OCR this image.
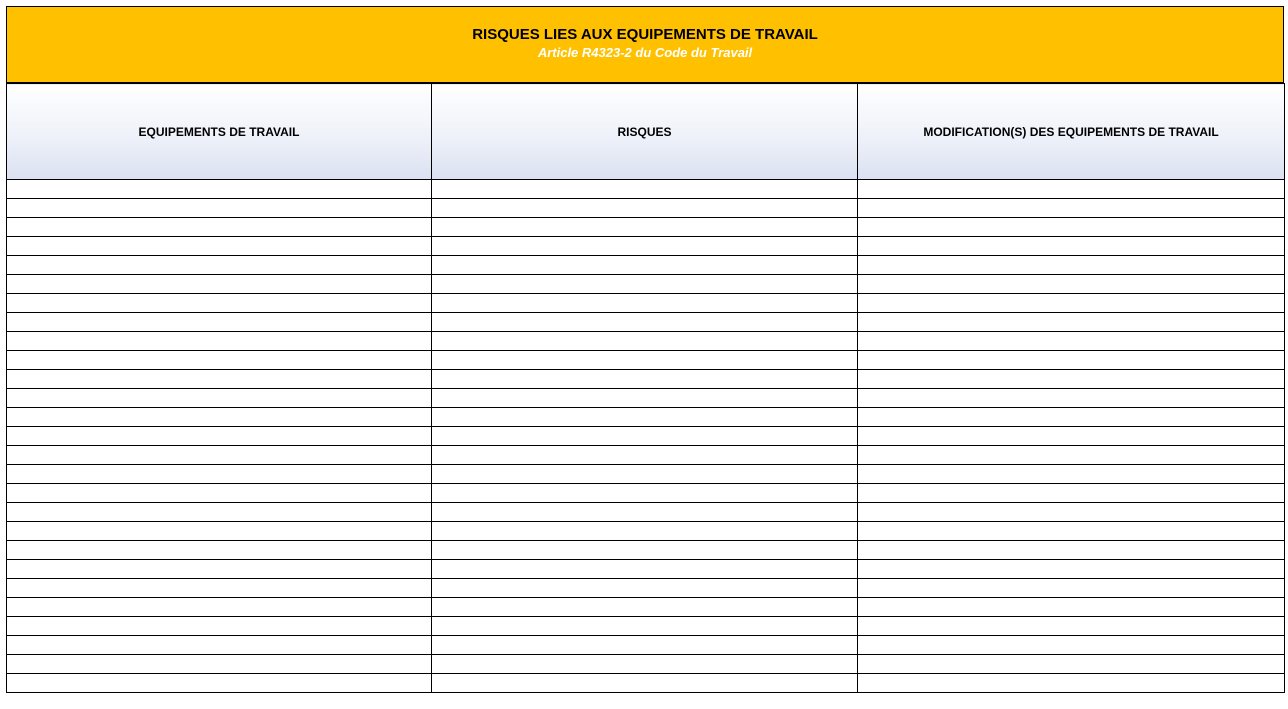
RISQUES LIES AUX EQUIPEMENTS DE TRAVAIL
Article R4323-2 du Code du Travail
EQUIPEMENTS DE TRAVAIL	RISQUES	MODIFICATION(S) DES EQUIPEMENTS DE TRAVAIL
